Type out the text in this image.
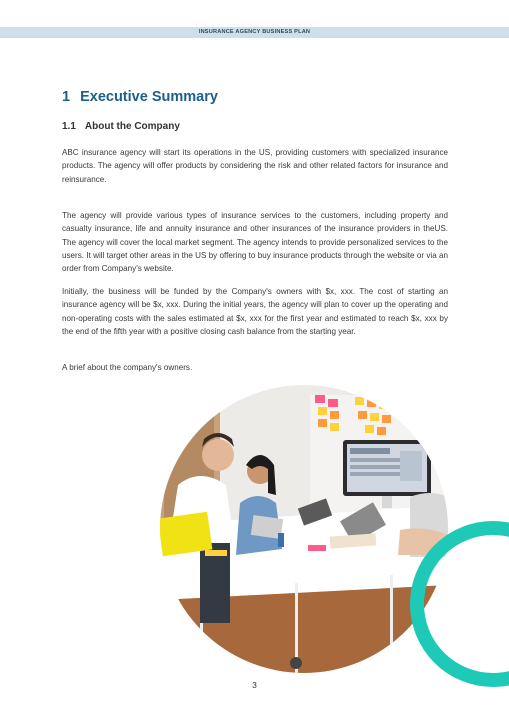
INSURANCE AGENCY BUSINESS PLAN
1 Executive Summary
1.1 About the Company

ABC insurance agency will start its operations in the US, providing customers with specialized insurance products. The agency will offer products by considering the risk and other related factors for insurance and reinsurance.

The agency will provide various types of insurance services to the customers, including property and casualty insurance, life and annuity insurance and other insurances of the insurance providers in theUS. The agency will cover the local market segment. The agency intends to provide personalized services to the users. It will target other areas in the US by offering to buy insurance products through the website or via an order from Company's website.

Initially, the business will be funded by the Company's owners with $x, xxx. The cost of starting an insurance agency will be $x, xxx. During the initial years, the agency will plan to cover up the operating and non-operating costs with the sales estimated at $x, xxx for the first year and estimated to reach $x, xxx by the end of the fifth year with a positive closing cash balance from the starting year.

A brief about the company's owners.

3
